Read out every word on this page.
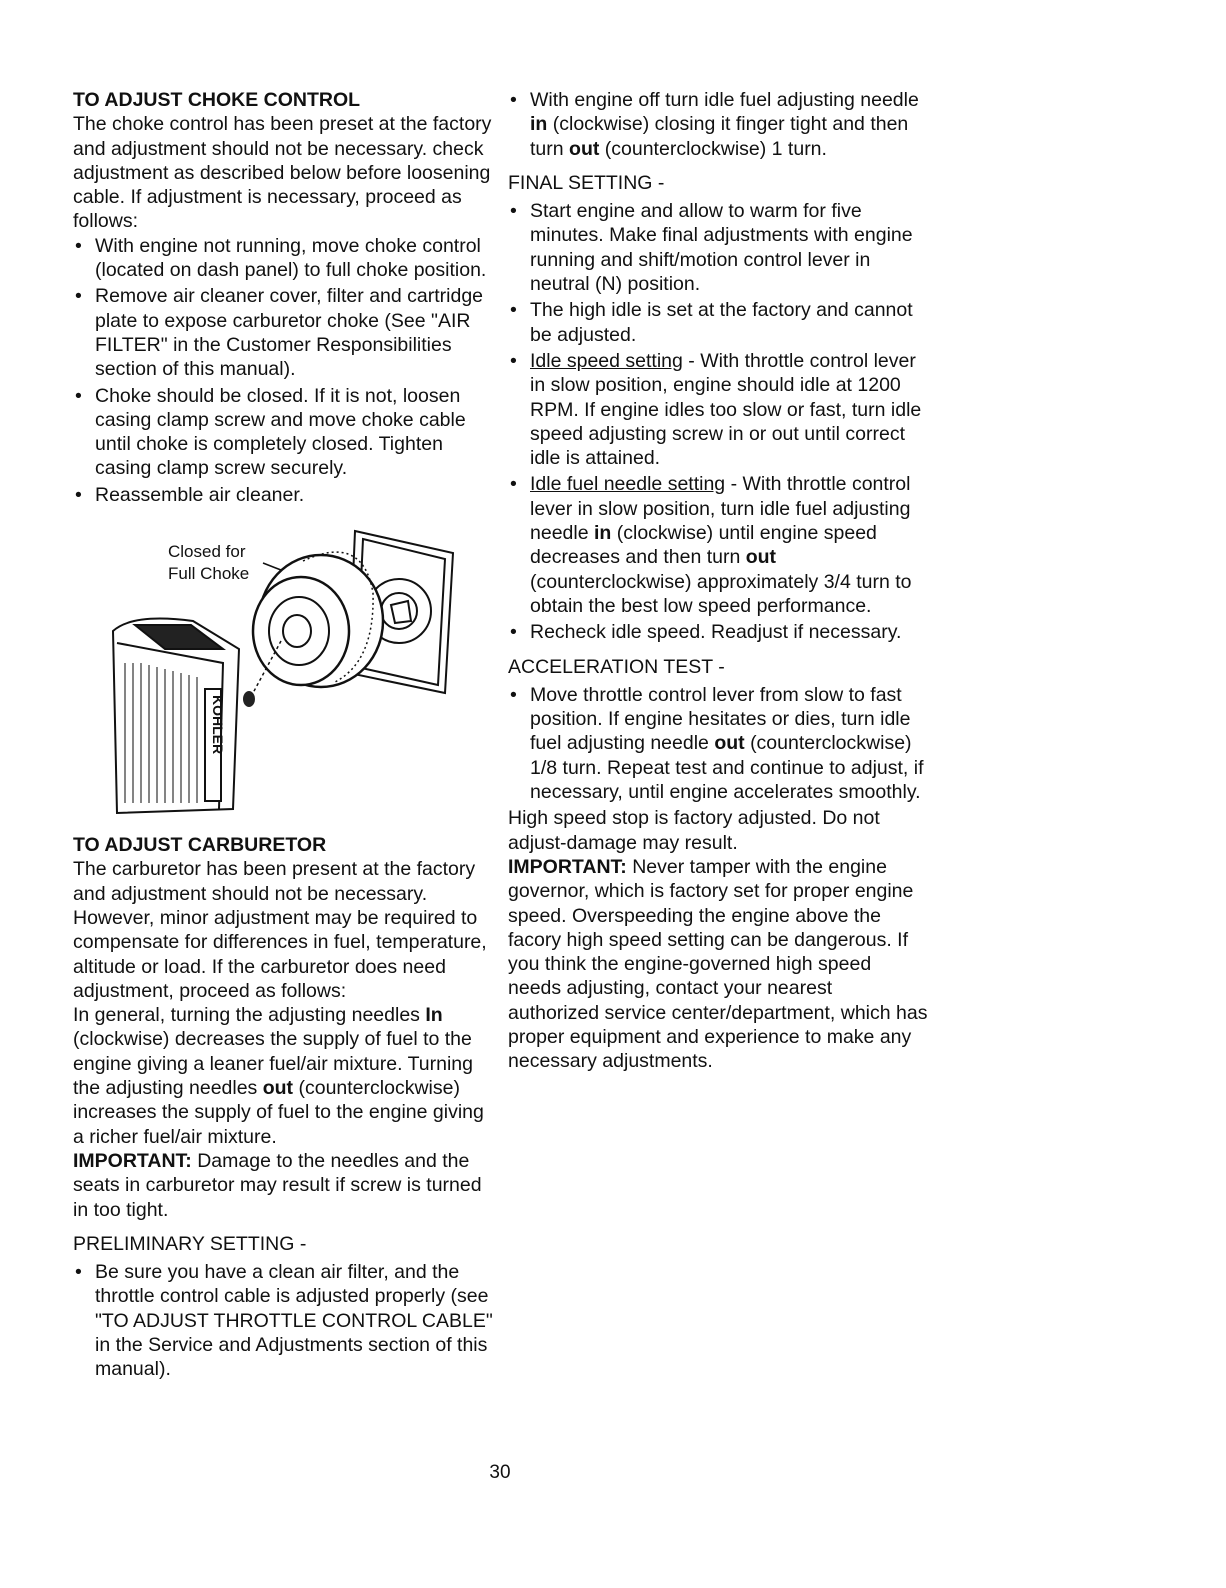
TO ADJUST CHOKE CONTROL

The choke control has been preset at the factory and adjustment should not be necessary. check adjustment as described below before loosening cable. If adjustment is necessary, proceed as follows:

• With engine not running, move choke control (located on dash panel) to full choke position.
• Remove air cleaner cover, filter and cartridge plate to expose carburetor choke (See "AIR FILTER" in the Customer Responsibilities section of this manual).
• Choke should be closed. If it is not, loosen casing clamp screw and move choke cable until choke is completely closed. Tighten casing clamp screw securely.
• Reassemble air cleaner.
KOHLER
Closed for
Full Choke
TO ADJUST CARBURETOR

The carburetor has been present at the factory and adjustment should not be necessary. However, minor adjustment may be required to compensate for differences in fuel, temperature, altitude or load. If the carburetor does need adjustment, proceed as follows:

In general, turning the adjusting needles In (clockwise) decreases the supply of fuel to the engine giving a leaner fuel/air mixture. Turning the adjusting needles out (counterclockwise) increases the supply of fuel to the engine giving a richer fuel/air mixture.

IMPORTANT: Damage to the needles and the seats in carburetor may result if screw is turned in too tight.

PRELIMINARY SETTING -

• Be sure you have a clean air filter, and the throttle control cable is adjusted properly (see "TO ADJUST THROTTLE CONTROL CABLE" in the Service and Adjustments section of this manual).
• With engine off turn idle fuel adjusting needle in (clockwise) closing it finger tight and then turn out (counterclockwise) 1 turn.

FINAL SETTING -

• Start engine and allow to warm for five minutes. Make final adjustments with engine running and shift/motion control lever in neutral (N) position.
• The high idle is set at the factory and cannot be adjusted.
• Idle speed setting - With throttle control lever in slow position, engine should idle at 1200 RPM. If engine idles too slow or fast, turn idle speed adjusting screw in or out until correct idle is attained.
• Idle fuel needle setting - With throttle control lever in slow position, turn idle fuel adjusting needle in (clockwise) until engine speed decreases and then turn out (counterclockwise) approximately 3/4 turn to obtain the best low speed performance.
• Recheck idle speed. Readjust if necessary.

ACCELERATION TEST -

• Move throttle control lever from slow to fast position. If engine hesitates or dies, turn idle fuel adjusting needle out (counterclockwise) 1/8 turn. Repeat test and continue to adjust, if necessary, until engine accelerates smoothly.

High speed stop is factory adjusted. Do not adjust-damage may result.

IMPORTANT: Never tamper with the engine governor, which is factory set for proper engine speed. Overspeeding the engine above the facory high speed setting can be dangerous. If you think the engine-governed high speed needs adjusting, contact your nearest authorized service center/department, which has proper equipment and experience to make any necessary adjustments.

30
